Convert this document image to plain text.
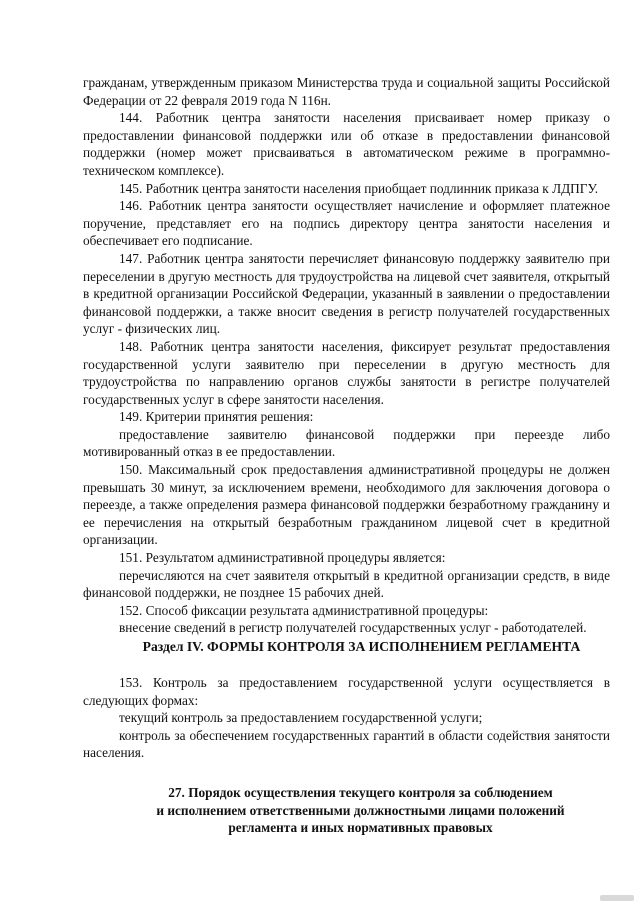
гражданам, утвержденным приказом Министерства труда и социальной защиты Российской Федерации от 22 февраля 2019 года N 116н.

144. Работник центра занятости населения присваивает номер приказу о предоставлении финансовой поддержки или об отказе в предоставлении финансовой поддержки (номер может присваиваться в автоматическом режиме в программно-техническом комплексе).

145. Работник центра занятости населения приобщает подлинник приказа к ЛДПГУ.

146. Работник центра занятости осуществляет начисление и оформляет платежное поручение, представляет его на подпись директору центра занятости населения и обеспечивает его подписание.

147. Работник центра занятости перечисляет финансовую поддержку заявителю при переселении в другую местность для трудоустройства на лицевой счет заявителя, открытый в кредитной организации Российской Федерации, указанный в заявлении о предоставлении финансовой поддержки, а также вносит сведения в регистр получателей государственных услуг - физических лиц.

148. Работник центра занятости населения, фиксирует результат предоставления государственной услуги заявителю при переселении в другую местность для трудоустройства по направлению органов службы занятости в регистре получателей государственных услуг в сфере занятости населения.

149. Критерии принятия решения:

предоставление заявителю финансовой поддержки при переезде либо мотивированный отказ в ее предоставлении.

150. Максимальный срок предоставления административной процедуры не должен превышать 30 минут, за исключением времени, необходимого для заключения договора о переезде, а также определения размера финансовой поддержки безработному гражданину и ее перечисления на открытый безработным гражданином лицевой счет в кредитной организации.

151. Результатом административной процедуры является:

перечисляются на счет заявителя открытый в кредитной организации средств, в виде финансовой поддержки, не позднее 15 рабочих дней.

152. Способ фиксации результата административной процедуры:

внесение сведений в регистр получателей государственных услуг - работодателей.

Раздел IV. ФОРМЫ КОНТРОЛЯ ЗА ИСПОЛНЕНИЕМ РЕГЛАМЕНТА

153. Контроль за предоставлением государственной услуги осуществляется в следующих формах:

текущий контроль за предоставлением государственной услуги;

контроль за обеспечением государственных гарантий в области содействия занятости населения.

27. Порядок осуществления текущего контроля за соблюдением
и исполнением ответственными должностными лицами положений
регламента и иных нормативных правовых
